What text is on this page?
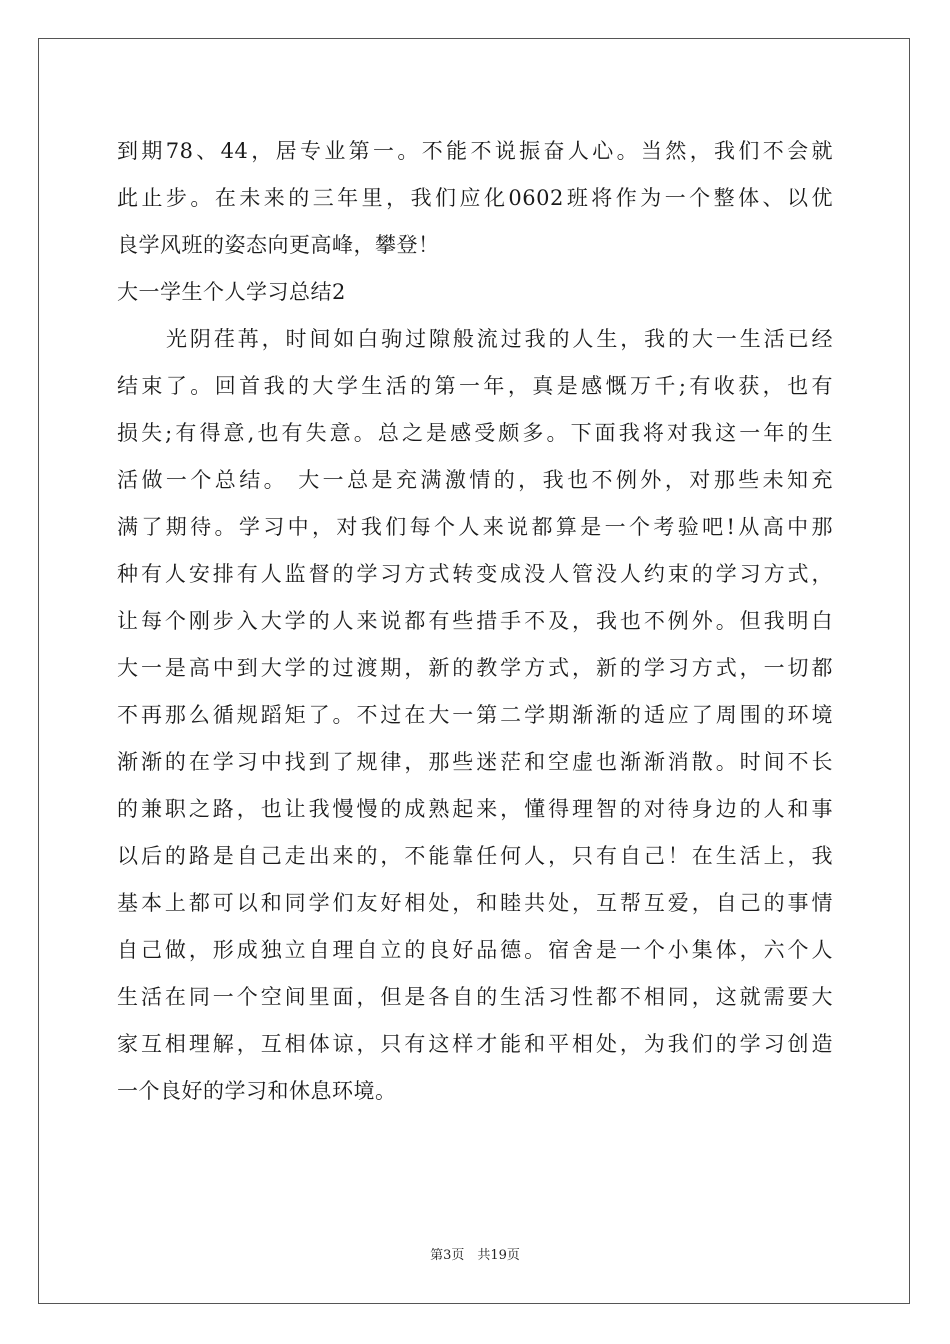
到期78、44，居专业第一。不能不说振奋人心。当然，我们不会就
此止步。在未来的三年里，我们应化0602班将作为一个整体、以优
良学风班的姿态向更高峰，攀登！
大一学生个人学习总结2
光阴荏苒，时间如白驹过隙般流过我的人生，我的大一生活已经
结束了。回首我的大学生活的第一年，真是感慨万千;有收获，也有
损失;有得意,也有失意。总之是感受颇多。下面我将对我这一年的生
活做一个总结。 大一总是充满激情的，我也不例外，对那些未知充
满了期待。学习中，对我们每个人来说都算是一个考验吧!从高中那
种有人安排有人监督的学习方式转变成没人管没人约束的学习方式，
让每个刚步入大学的人来说都有些措手不及，我也不例外。但我明白
大一是高中到大学的过渡期，新的教学方式，新的学习方式，一切都
不再那么循规蹈矩了。不过在大一第二学期渐渐的适应了周围的环境
渐渐的在学习中找到了规律，那些迷茫和空虚也渐渐消散。时间不长
的兼职之路，也让我慢慢的成熟起来，懂得理智的对待身边的人和事
以后的路是自己走出来的，不能靠任何人，只有自己！在生活上，我
基本上都可以和同学们友好相处，和睦共处，互帮互爱，自己的事情
自己做，形成独立自理自立的良好品德。宿舍是一个小集体，六个人
生活在同一个空间里面，但是各自的生活习性都不相同，这就需要大
家互相理解，互相体谅，只有这样才能和平相处，为我们的学习创造
一个良好的学习和休息环境。
第3页　共19页
